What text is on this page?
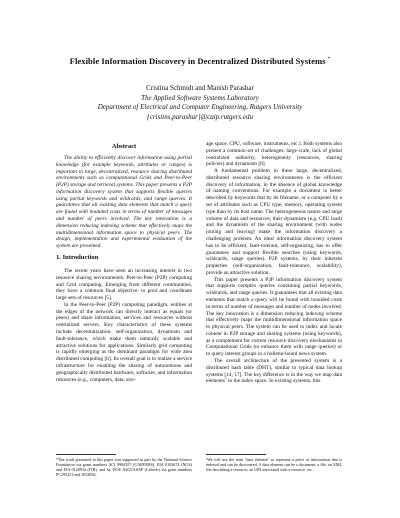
Flexible Information Discovery in Decentralized Distributed Systems *
Cristina Schmidt and Manish Parashar
The Applied Software Systems Laboratory
Department of Electrical and Computer Engineering, Rutgers University
{cristins,parashar}@caip.rutgers.edu
Abstract

The ability to efficiently discover information using partial knowledge (for example keywords, attributes or ranges) is important in large, decentralized, resource sharing distributed environments such as computational Grids and Peer-to-Peer (P2P) storage and retrieval systems. This paper presents a P2P information discovery system that supports flexible queries using partial keywords and wildcards, and range queries. It guarantees that all existing data elements that match a query are found with bounded costs in terms of number of messages and number of peers involved. The key innovation is a dimension reducing indexing scheme that effectively maps the multidimensional information space to physical peers. The design, implementation and experimental evaluation of the system are presented.

1. Introduction

The recent years have seen an increasing interest in two resource sharing environments: Peer-to-Peer (P2P) computing and Grid computing. Emerging from different communities, they have a common final objective: to pool and coordinate large sets of resources [5].

In the Peer-to-Peer (P2P) computing paradigm, entities at the edges of the network can directly interact as equals (or peers) and share information, services and resources without centralized servers. Key characteristics of these systems include decentralization, self-organization, dynamism and fault-tolerance, which make them naturally scalable and attractive solutions for applications. Similarly grid computing is rapidly emerging as the dominant paradigm for wide area distributed computing [6]. Its overall goal is to realize a service infrastructure for enabling the sharing of autonomous and geographically distributed hardware, software, and information resources (e.g., computers, data, stor-

age space, CPU, software, instruments, etc.). Both systems also present a common set of challenges: large scale, lack of global centralized authority, heterogeneity (resources, sharing policies) and dynamism [8].

A fundamental problem in these large, decentralized, distributed resource sharing environments is the efficient discovery of information, in the absence of global knowledge of naming conventions. For example a document is better described by keywords that by its filename, or a computer by a set of attributes such as CPU type, memory, operating system type than by its host name. The heterogeneous nature and large volume of data and resources, their dynamism (e.g. CPU load) and the dynamism of the sharing environment (with nodes joining and leaving) make the information discovery a challenging problem. An ideal information discovery system has to be efficient, fault-tolerant, self-organizing, has to offer guarantees and support flexible searches (using keywords, wildcards, range queries). P2P systems, by their inherent properties (self-organization, fault-tolerance, scalability), provide an attractive solution.

This paper presents a P2P information discovery system that supports complex queries containing partial keywords, wildcards, and range queries. It guarantees that all existing data elements that match a query will be found with bounded costs in terms of number of messages and number of nodes involved. The key innovation is a dimension reducing indexing scheme that effectively maps the multidimensional information space to physical peers. The system can be used to index and locate content in P2P storage and sharing systems (using keywords), as a complement for current resource discovery mechanisms in Computational Grids (to enhance them with range queries) or to query interest groups in a bulletin-board news system.

The overall architecture of the presented system is a distributed hash table (DHT), similar to typical data lookup systems [14, 17]. The key difference is in the way we map data elements$^1$ to the index space. In existing systems, this

*The work presented in this paper was supported in part by the National Science Foundation via grant numbers ACI 9984357 (CAREERS), EIA 0103674 (NGS) and EIA-0120934 (ITR), and by DOE ASCI/ASAP (Caltech) via grant numbers PC295251 and 1052856.
¹We will use the term "data element" to represent a piece of information that is indexed and can be discovered. A data element can be a document, a file, an XML file describing a resource, an URI associated with a resource, etc.
